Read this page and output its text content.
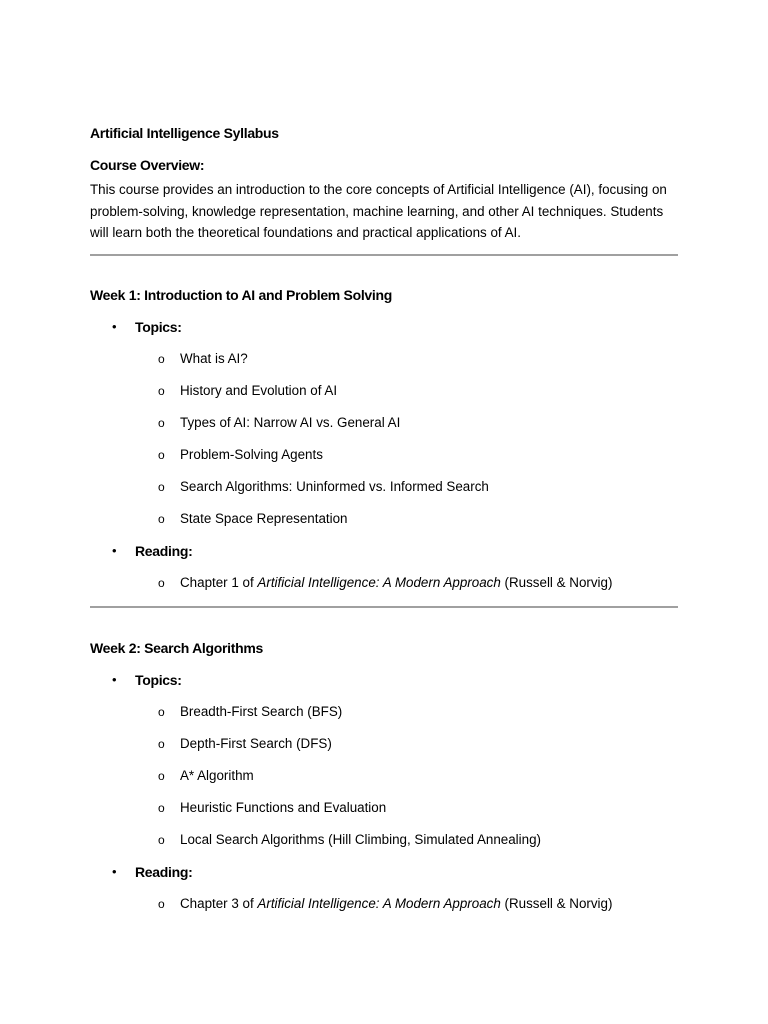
Artificial Intelligence Syllabus
Course Overview:
This course provides an introduction to the core concepts of Artificial Intelligence (AI), focusing on problem-solving, knowledge representation, machine learning, and other AI techniques. Students will learn both the theoretical foundations and practical applications of AI.
Week 1: Introduction to AI and Problem Solving
• Topics:
o What is AI?
o History and Evolution of AI
o Types of AI: Narrow AI vs. General AI
o Problem-Solving Agents
o Search Algorithms: Uninformed vs. Informed Search
o State Space Representation
• Reading:
o Chapter 1 of Artificial Intelligence: A Modern Approach (Russell & Norvig)
Week 2: Search Algorithms
• Topics:
o Breadth-First Search (BFS)
o Depth-First Search (DFS)
o A* Algorithm
o Heuristic Functions and Evaluation
o Local Search Algorithms (Hill Climbing, Simulated Annealing)
• Reading:
o Chapter 3 of Artificial Intelligence: A Modern Approach (Russell & Norvig)
